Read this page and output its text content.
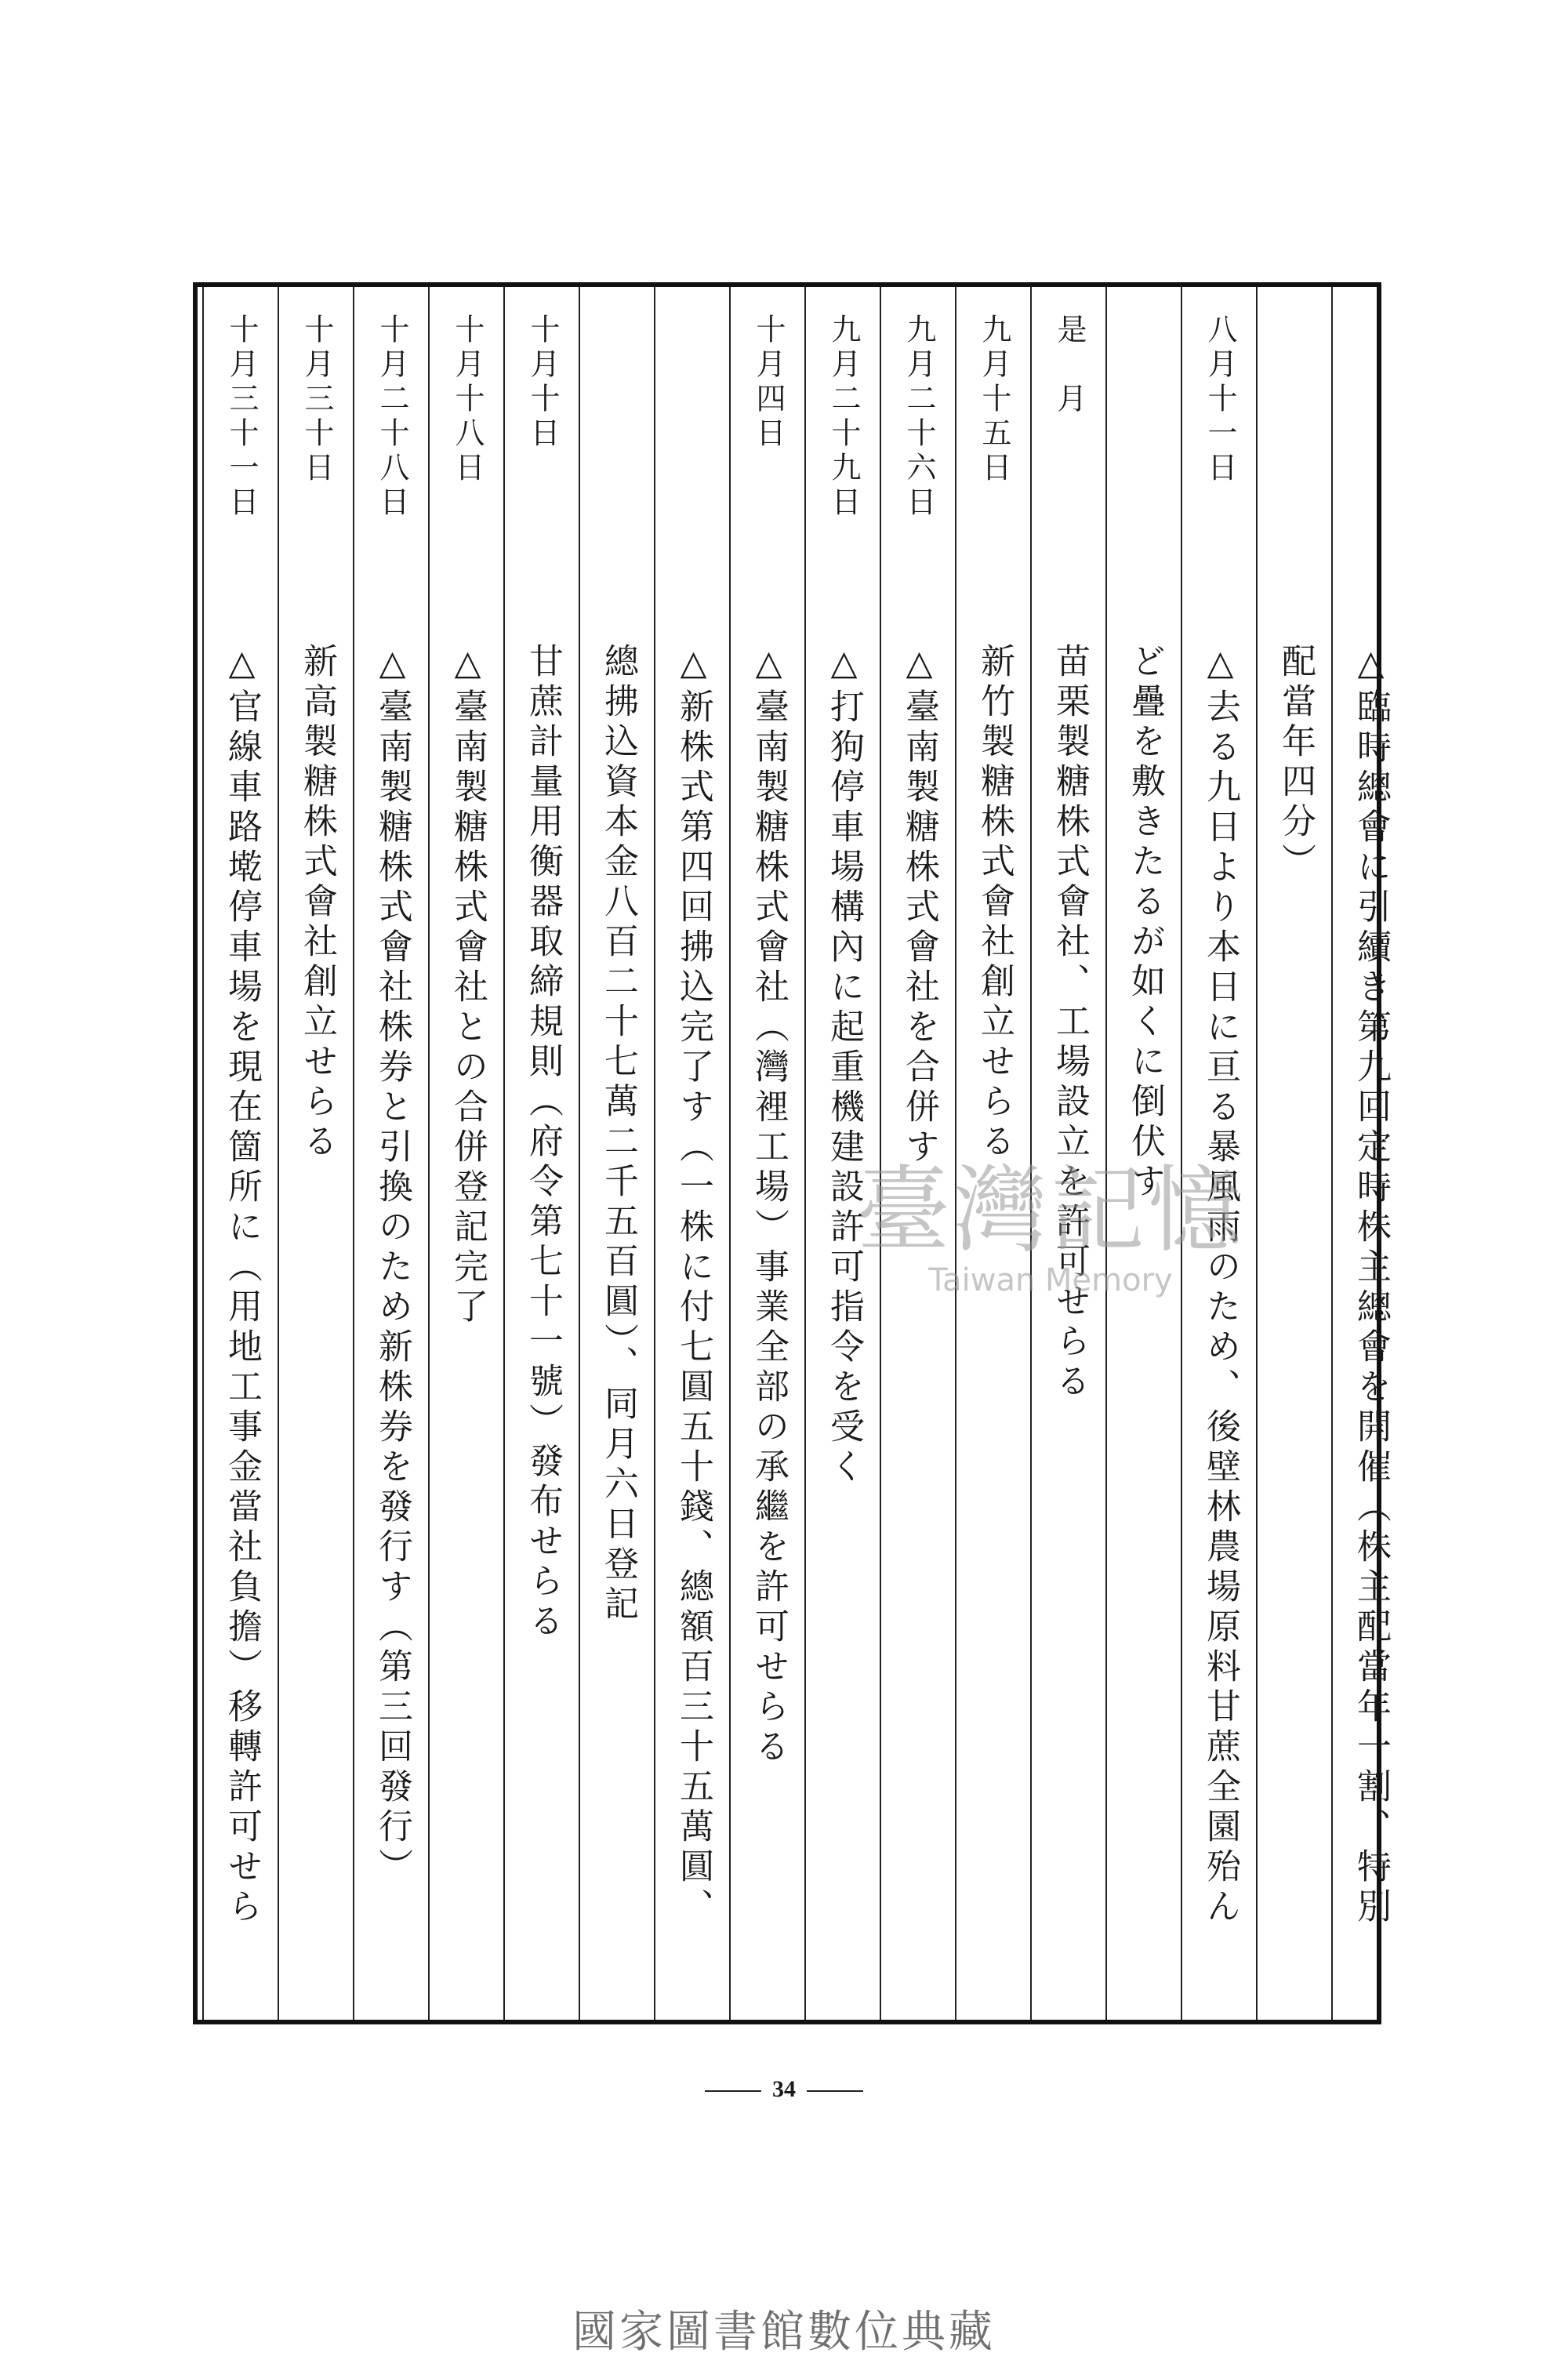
△臨時總會に引續き第九回定時株主總會を開催（株主配當年一割、特別
配當年四分）
八月十一日
△去る九日より本日に亘る暴風雨のため、後壁林農場原料甘蔗全園殆ん
ど疊を敷きたるが如くに倒伏す
是　月
苗栗製糖株式會社、工場設立を許可せらる
九月十五日
新竹製糖株式會社創立せらる
九月二十六日
△臺南製糖株式會社を合併す
九月二十九日
△打狗停車場構內に起重機建設許可指令を受く
十月四日
△臺南製糖株式會社（灣裡工場）事業全部の承繼を許可せらる
△新株式第四回拂込完了す（一株に付七圓五十錢、總額百三十五萬圓、
總拂込資本金八百二十七萬二千五百圓）、同月六日登記
十月十日
甘蔗計量用衡器取締規則（府令第七十一號）發布せらる
十月十八日
△臺南製糖株式會社との合併登記完了
十月二十八日
△臺南製糖株式會社株券と引換のため新株券を發行す（第三回發行）
十月三十日
新高製糖株式會社創立せらる
十月三十一日
△官線車路墘停車場を現在箇所に（用地工事金當社負擔）移轉許可せら	臺灣記憶
Taiwan Memory
34
國家圖書館數位典藏
